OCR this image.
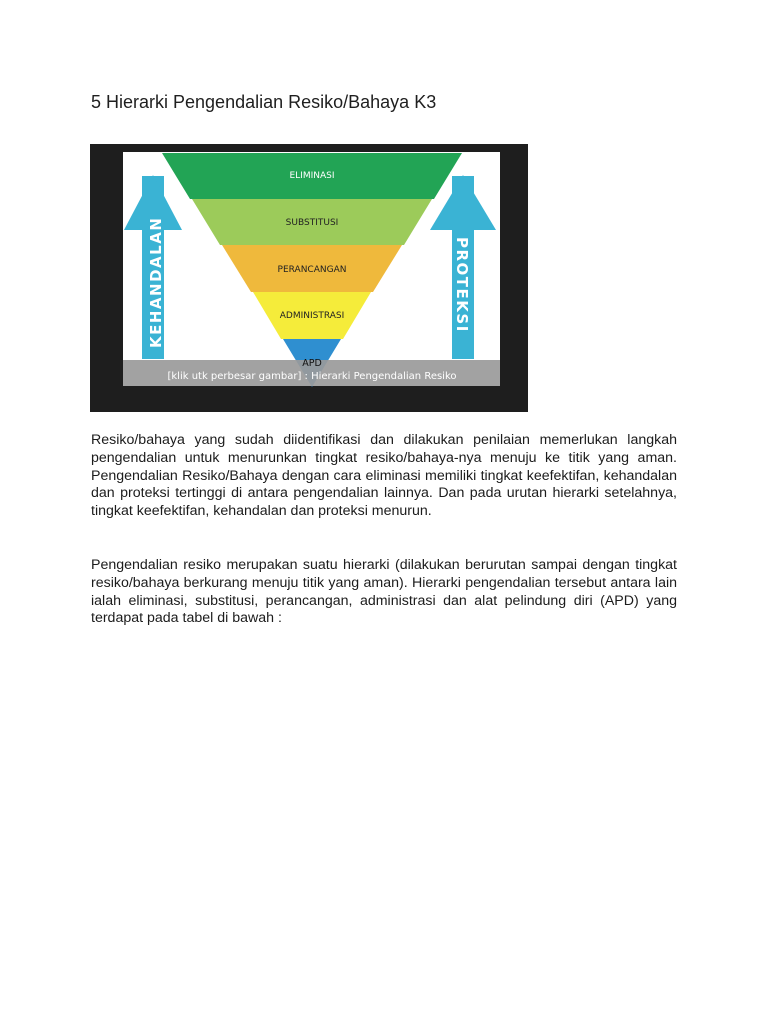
5 Hierarki Pengendalian Resiko/Bahaya K3
KEHANDALAN	PROTEKSI
ELIMINASI
SUBSTITUSI
PERANCANGAN
ADMINISTRASI
APD
[klik utk perbesar gambar] : Hierarki Pengendalian Resiko

Resiko/bahaya yang sudah diidentifikasi dan dilakukan penilaian memerlukan langkah pengendalian untuk menurunkan tingkat resiko/bahaya-nya menuju ke titik yang aman. Pengendalian Resiko/Bahaya dengan cara eliminasi memiliki tingkat keefektifan, kehandalan dan proteksi tertinggi di antara pengendalian lainnya. Dan pada urutan hierarki setelahnya, tingkat keefektifan, kehandalan dan proteksi menurun.

Pengendalian resiko merupakan suatu hierarki (dilakukan berurutan sampai dengan tingkat resiko/bahaya berkurang menuju titik yang aman). Hierarki pengendalian tersebut antara lain ialah eliminasi, substitusi, perancangan, administrasi dan alat pelindung diri (APD) yang terdapat pada tabel di bawah :
